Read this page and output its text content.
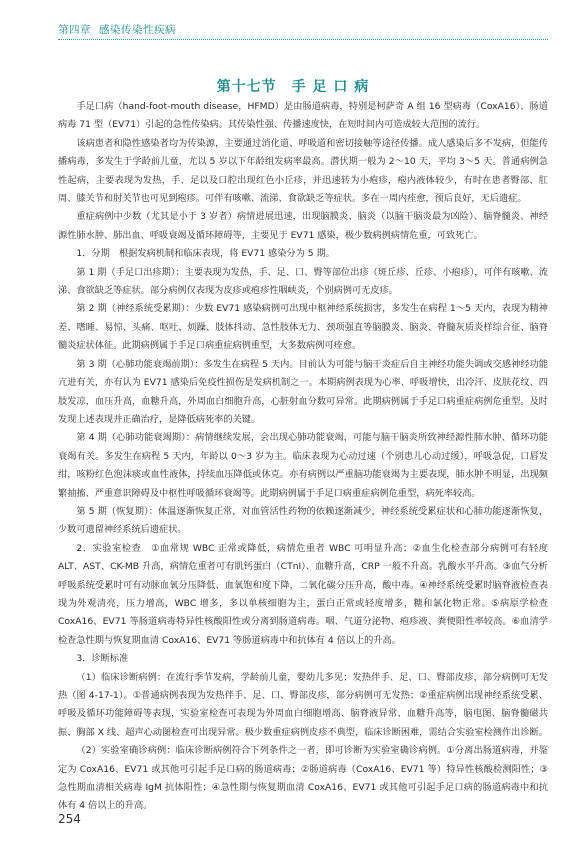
第四章 感染传染性疾病
第十七节　手 足 口 病

手足口病（hand-foot-mouth disease，HFMD）是由肠道病毒，特别是柯萨奇 A 组 16 型病毒（CoxA16）、肠道病毒 71 型（EV71）引起的急性传染病。其传染性强、传播速度快，在短时间内可造成较大范围的流行。

该病患者和隐性感染者均为传染源，主要通过消化道、呼吸道和密切接触等途径传播。成人感染后多不发病，但能传播病毒，多发生于学龄前儿童，尤以 5 岁以下年龄组发病率最高。潜伏期一般为 2～10 天，平均 3～5 天。普通病例急性起病，主要表现为发热，手、足以及口腔出现红色小丘疹，并迅速转为小疱疹，疱内液体较少，有时在患者臀部、肛周、膝关节和肘关节也可见到疱疹。可伴有咳嗽、流涕、食欲缺乏等症状。多在一周内痊愈，预后良好，无后遗症。

重症病例中少数（尤其是小于 3 岁者）病情进展迅速，出现脑膜炎、脑炎（以脑干脑炎最为凶险）、脑脊髓炎、神经源性肺水肿、肺出血、呼吸衰竭及循环障碍等，主要见于 EV71 感染，极少数病例病情危重，可致死亡。

1．分期　根据发病机制和临床表现，将 EV71 感染分为 5 期。

第 1 期（手足口出疹期）：主要表现为发热，手、足、口、臀等部位出疹（斑丘疹、丘疹、小疱疹），可伴有咳嗽、流涕、食欲缺乏等症状。部分病例仅表现为皮疹或疱疹性咽峡炎，个别病例可无皮疹。

第 2 期（神经系统受累期）：少数 EV71 感染病例可出现中枢神经系统损害，多发生在病程 1～5 天内，表现为精神差、嗜睡、易惊、头痛、呕吐、烦躁、肢体抖动、急性肢体无力、颈项强直等脑膜炎、脑炎、脊髓灰质炎样综合征、脑脊髓炎症状体征。此期病例属于手足口病重症病例重型，大多数病例可痊愈。

第 3 期（心肺功能衰竭前期）：多发生在病程 5 天内。目前认为可能与脑干炎症后自主神经功能失调或交感神经功能亢进有关，亦有认为 EV71 感染后免疫性损伤是发病机制之一。本期病例表现为心率、呼吸增快，出冷汗、皮肤花纹、四肢发凉，血压升高，血糖升高，外周血白细胞升高，心脏射血分数可异常。此期病例属于手足口病重症病例危重型。及时发现上述表现并正确治疗，是降低病死率的关键。

第 4 期（心肺功能衰竭期）：病情继续发展，会出现心肺功能衰竭，可能与脑干脑炎所致神经源性肺水肿、循环功能衰竭有关。多发生在病程 5 天内，年龄以 0～3 岁为主。临床表现为心动过速（个别患儿心动过缓），呼吸急促，口唇发绀，咳粉红色泡沫痰或血性液体，持续血压降低或休克。亦有病例以严重脑功能衰竭为主要表现，肺水肿不明显，出现频繁抽搐、严重意识障碍及中枢性呼吸循环衰竭等。此期病例属于手足口病重症病例危重型，病死率较高。

第 5 期（恢复期）：体温逐渐恢复正常，对血管活性药物的依赖逐渐减少，神经系统受累症状和心肺功能逐渐恢复，少数可遗留神经系统后遗症状。

2．实验室检查　①血常规 WBC 正常或降低，病情危重者 WBC 可明显升高；②血生化检查部分病例可有轻度 ALT、AST、CK-MB 升高，病情危重者可有肌钙蛋白（CTnI）、血糖升高，CRP 一般不升高。乳酸水平升高。③血气分析呼吸系统受累时可有动脉血氧分压降低、血氧饱和度下降，二氧化碳分压升高，酸中毒。④神经系统受累时脑脊液检查表现为外观清亮，压力增高，WBC 增多，多以单核细胞为主，蛋白正常或轻度增多，糖和氯化物正常。⑤病原学检查 CoxA16、EV71 等肠道病毒特异性核酸阳性或分离到肠道病毒。咽、气道分泌物、疱疹液、粪便阳性率较高。⑥血清学检查急性期与恢复期血清 CoxA16、EV71 等肠道病毒中和抗体有 4 倍以上的升高。

3．诊断标准

（1）临床诊断病例：在流行季节发病，学龄前儿童，婴幼儿多见；发热伴手、足、口、臀部皮疹，部分病例可无发热（图 4-17-1）。①普通病例表现为发热伴手、足、口、臀部皮疹，部分病例可无发热；②重症病例出现神经系统受累、呼吸及循环功能障碍等表现，实验室检查可表现为外周血白细胞增高、脑脊液异常、血糖升高等，脑电图、脑脊髓磁共振、胸部 X 线、超声心动图检查可出现异常。极少数重症病例皮疹不典型，临床诊断困难，需结合实验室检测作出诊断。

（2）实验室确诊病例：临床诊断病例符合下列条件之一者，即可诊断为实验室确诊病例。①分离出肠道病毒，并鉴定为 CoxA16、EV71 或其他可引起手足口病的肠道病毒；②肠道病毒（CoxA16、EV71 等）特异性核酸检测阳性；③急性期血清相关病毒 IgM 抗体阳性；④急性期与恢复期血清 CoxA16、EV71 或其他可引起手足口病的肠道病毒中和抗体有 4 倍以上的升高。

254
